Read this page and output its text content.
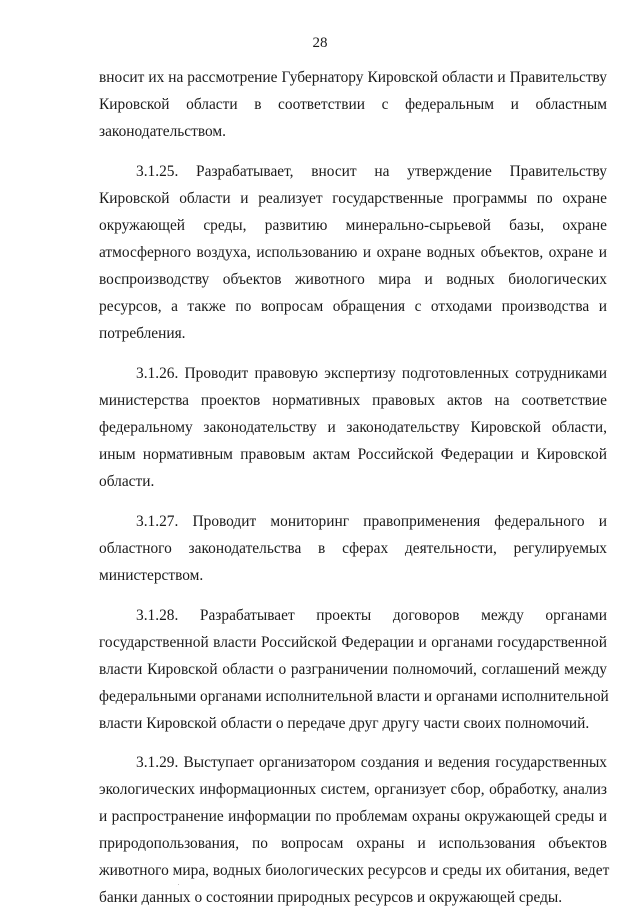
28
вносит их на рассмотрение Губернатору Кировской области и Правительству
Кировской области в соответствии с федеральным и областным
законодательством.
3.1.25. Разрабатывает, вносит на утверждение Правительству
Кировской области и реализует государственные программы по охране
окружающей среды, развитию минерально-сырьевой базы, охране
атмосферного воздуха, использованию и охране водных объектов, охране и
воспроизводству объектов животного мира и водных биологических
ресурсов, а также по вопросам обращения с отходами производства и
потребления.
3.1.26. Проводит правовую экспертизу подготовленных сотрудниками
министерства проектов нормативных правовых актов на соответствие
федеральному законодательству и законодательству Кировской области,
иным нормативным правовым актам Российской Федерации и Кировской
области.
3.1.27. Проводит мониторинг правоприменения федерального и
областного законодательства в сферах деятельности, регулируемых
министерством.
3.1.28. Разрабатывает проекты договоров между органами
государственной власти Российской Федерации и органами государственной
власти Кировской области о разграничении полномочий, соглашений между
федеральными органами исполнительной власти и органами исполнительной
власти Кировской области о передаче друг другу части своих полномочий.
3.1.29. Выступает организатором создания и ведения государственных
экологических информационных систем, организует сбор, обработку, анализ
и распространение информации по проблемам охраны окружающей среды и
природопользования, по вопросам охраны и использования объектов
животного мира, водных биологических ресурсов и среды их обитания, ведет
банки данных о состоянии природных ресурсов и окружающей среды.
